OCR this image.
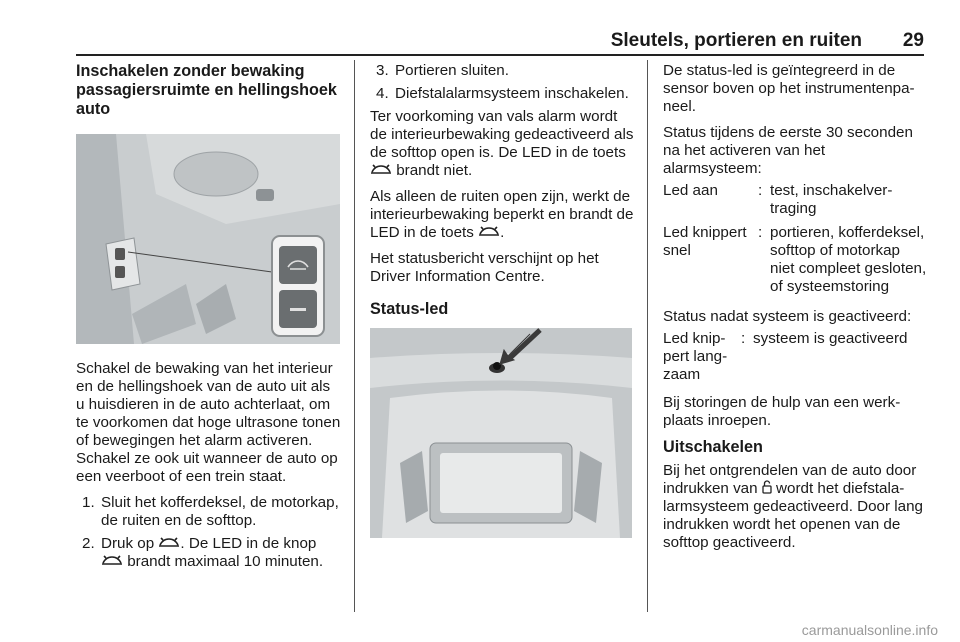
Sleutels, portieren en ruiten 29
Inschakelen zonder bewaking passagiersruimte en hellingshoek auto

Schakel de bewaking van het interieur en de hellingshoek van de auto uit als u huisdieren in de auto achterlaat, om te voorkomen dat hoge ultrasone tonen of bewegingen het alarm activeren. Schakel ze ook uit wanneer de auto op een veerboot of een trein staat.

1. Sluit het kofferdeksel, de motorkap, de ruiten en de softtop.
2. Druk op . De LED in de knop  brandt maximaal 10 minuten.
3. Portieren sluiten.
4. Diefstalalarmsysteem inschakelen.

Ter voorkoming van vals alarm wordt de interieurbewaking gedeactiveerd als de softtop open is. De LED in de toets  brandt niet.

Als alleen de ruiten open zijn, werkt de interieurbewaking beperkt en brandt de LED in de toets .

Het statusbericht verschijnt op het Driver Information Centre.

Status-led

De status-led is geïntegreerd in de sensor boven op het instrumentenpaneel.

Status tijdens de eerste 30 seconden na het activeren van het alarmsysteem:

Led aan	: test, inschakelvertraging
Led knippert snel
: portieren, kofferdeksel, softtop of motorkap niet compleet gesloten, of systeemstoring

Status nadat systeem is geactiveerd:

Led knippert langzaam
: systeem is geactiveerd

Bij storingen de hulp van een werkplaats inroepen.

Uitschakelen

Bij het ontgrendelen van de auto door indrukken van wordt het diefstalalarmsysteem gedeactiveerd. Door lang indrukken wordt het openen van de softtop geactiveerd.

carmanualsonline.info
